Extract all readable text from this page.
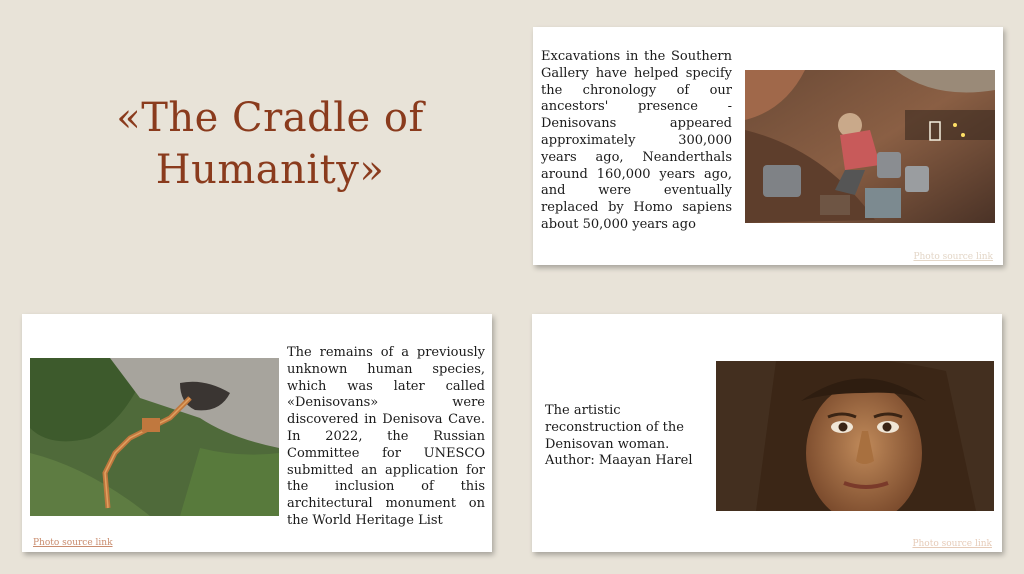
«The Cradle of Humanity»

Excavations in the Southern Gallery have helped specify the chronology of our ancestors' presence - Denisovans appeared approximately 300,000 years ago, Neanderthals around 160,000 years ago, and were eventually replaced by Homo sapiens about 50,000 years ago

Photo source link
Photo source link

The remains of a previously unknown human species, which was later called «Denisovans» were discovered in Denisova Cave. In 2022, the Russian Committee for UNESCO submitted an application for the inclusion of this architectural monument on the World Heritage List

The artistic reconstruction of the Denisovan woman. Author: Maayan Harel

Photo source link
